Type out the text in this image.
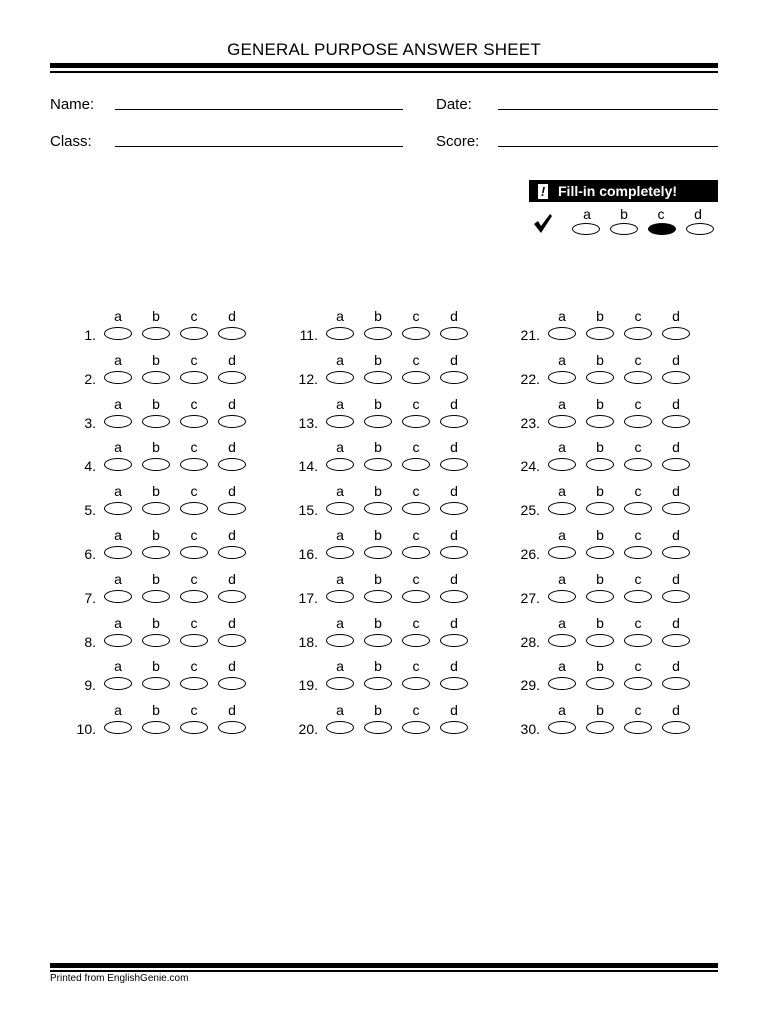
GENERAL PURPOSE ANSWER SHEET
Name:	Date:
Class:	Score:
! Fill-in completely!
a	b	c	d
1.
a	b	c	d
2.
a	b	c	d
3.
a	b	c	d
4.
a	b	c	d
5.
a	b	c	d
6.
a	b	c	d
7.
a	b	c	d
8.
a	b	c	d
9.
a	b	c	d
10.
a	b	c	d
11.
a	b	c	d
12.
a	b	c	d
13.
a	b	c	d
14.
a	b	c	d
15.
a	b	c	d
16.
a	b	c	d
17.
a	b	c	d
18.
a	b	c	d
19.
a	b	c	d
20.
a	b	c	d
21.
a	b	c	d
22.
a	b	c	d
23.
a	b	c	d
24.
a	b	c	d
25.
a	b	c	d
26.
a	b	c	d
27.
a	b	c	d
28.
a	b	c	d
29.
a	b	c	d
30.
a	b	c	d
Printed from EnglishGenie.com
